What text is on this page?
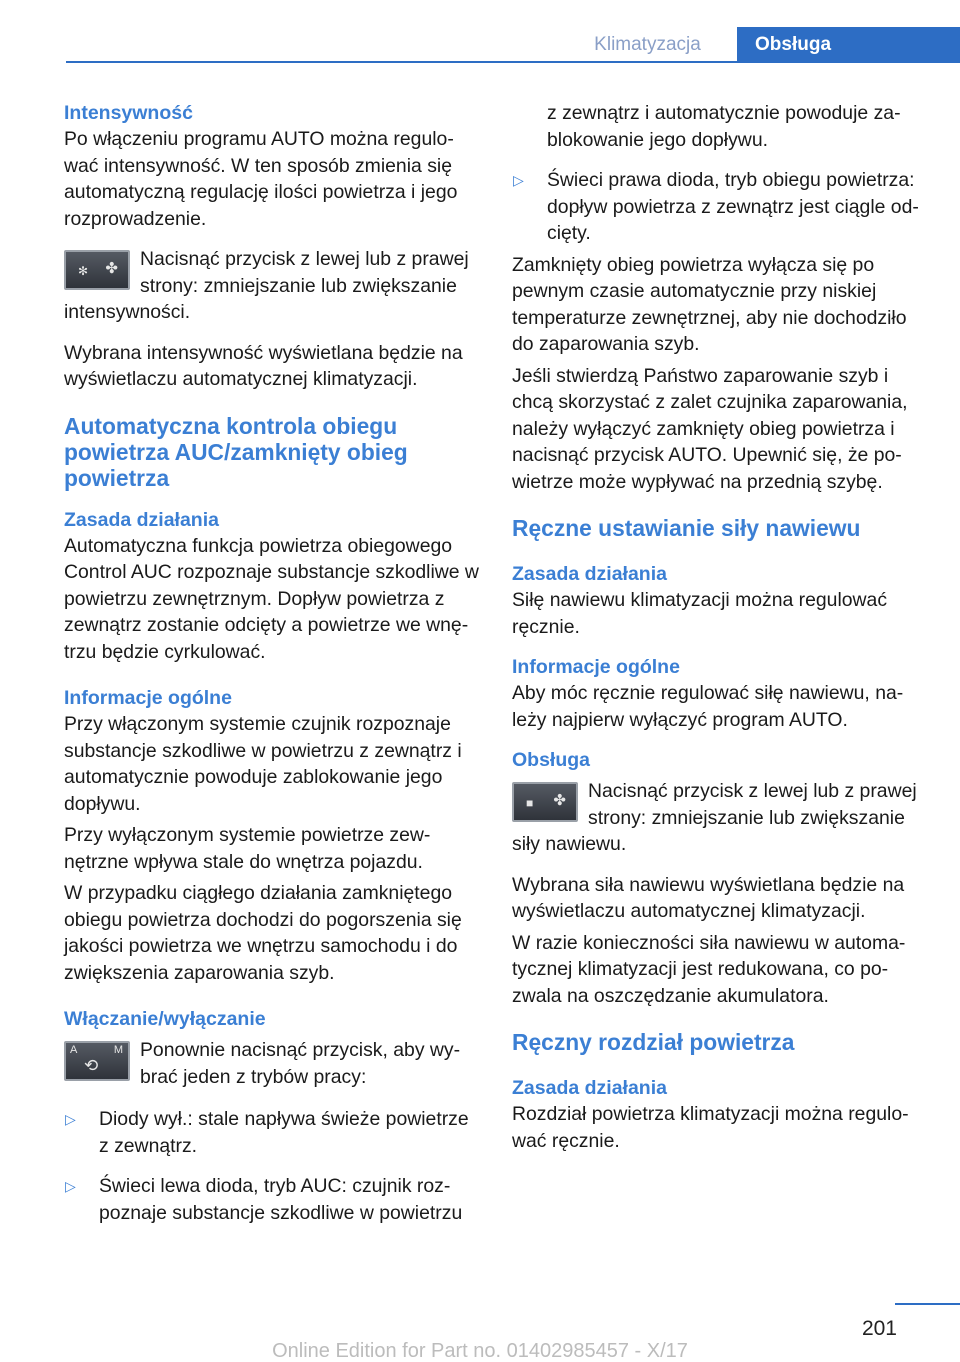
Klimatyzacja	Obsługa
Intensywność

Po włączeniu programu AUTO można regulować intensywność. W ten sposób zmienia się automatyczną regulację ilości powietrza i jego rozprowadzenie.

✻ ✤	Nacisnąć przycisk z lewej lub z prawej strony: zmniejszanie lub zwiększanie intensywności.

Wybrana intensywność wyświetlana będzie na wyświetlaczu automatycznej klimatyzacji.

Automatyczna kontrola obiegu powietrza AUC/zamknięty obieg powietrza
Zasada działania

Automatyczna funkcja powietrza obiegowego Control AUC rozpoznaje substancje szkodliwe w powietrzu zewnętrznym. Dopływ powietrza z zewnątrz zostanie odcięty a powietrze we wnętrzu będzie cyrkulować.

Informacje ogólne

Przy włączonym systemie czujnik rozpoznaje substancje szkodliwe w powietrzu z zewnątrz i automatycznie powoduje zablokowanie jego dopływu.

Przy wyłączonym systemie powietrze zewnętrzne wpływa stale do wnętrza pojazdu.

W przypadku ciągłego działania zamkniętego obiegu powietrza dochodzi do pogorszenia się jakości powietrza we wnętrzu samochodu i do zwiększenia zaparowania szyb.

Włączanie/wyłączanie
A	M
⟲

Ponownie nacisnąć przycisk, aby wybrać jeden z trybów pracy:

▷ Diody wył.: stale napływa świeże powietrze z zewnątrz.
▷ Świeci lewa dioda, tryb AUC: czujnik rozpoznaje substancje szkodliwe w powietrzu

z zewnątrz i automatycznie powoduje zablokowanie jego dopływu.

▷ Świeci prawa dioda, tryb obiegu powietrza: dopływ powietrza z zewnątrz jest ciągle odcięty.

Zamknięty obieg powietrza wyłącza się po pewnym czasie automatycznie przy niskiej temperaturze zewnętrznej, aby nie dochodziło do zaparowania szyb.

Jeśli stwierdzą Państwo zaparowanie szyb i chcą skorzystać z zalet czujnika zaparowania, należy wyłączyć zamknięty obieg powietrza i nacisnąć przycisk AUTO. Upewnić się, że powietrze może wypływać na przednią szybę.

Ręczne ustawianie siły nawiewu
Zasada działania

Siłę nawiewu klimatyzacji można regulować ręcznie.

Informacje ogólne

Aby móc ręcznie regulować siłę nawiewu, należy najpierw wyłączyć program AUTO.

Obsługa
■ ✤	Nacisnąć przycisk z lewej lub z prawej strony: zmniejszanie lub zwiększanie siły nawiewu.

Wybrana siła nawiewu wyświetlana będzie na wyświetlaczu automatycznej klimatyzacji.

W razie konieczności siła nawiewu w automatycznej klimatyzacji jest redukowana, co pozwala na oszczędzanie akumulatora.

Ręczny rozdział powietrza
Zasada działania

Rozdział powietrza klimatyzacji można regulować ręcznie.

201
Online Edition for Part no. 01402985457 - X/17
